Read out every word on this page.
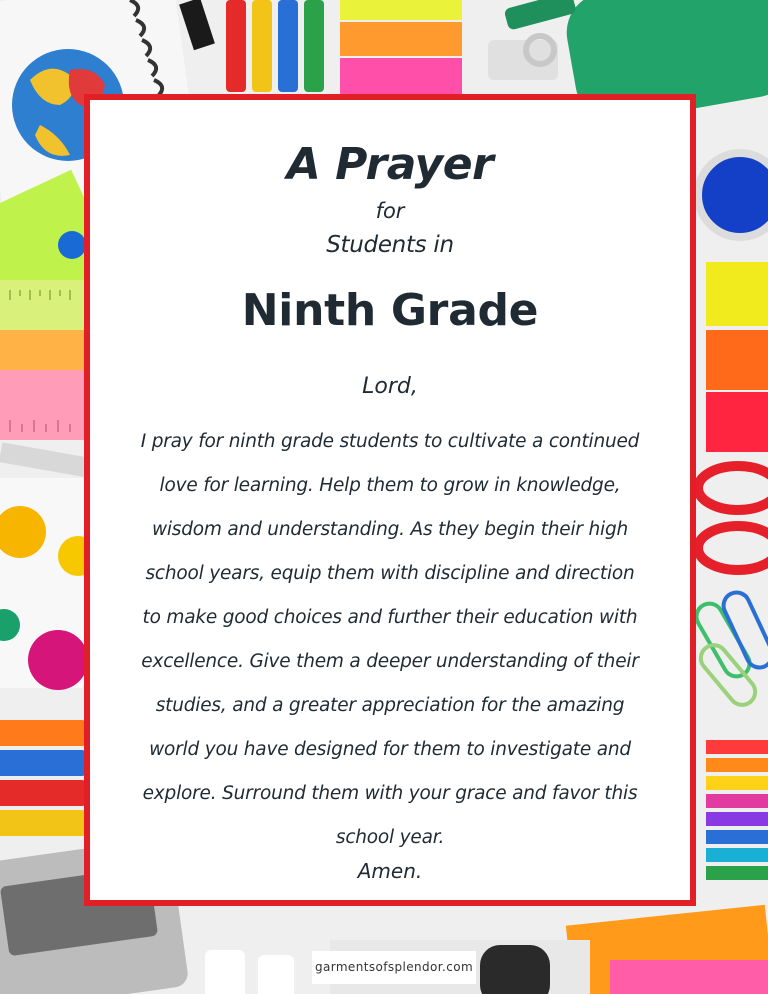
A Prayer
for
Students in
Ninth Grade
Lord,
I pray for ninth grade students to cultivate a continued
love for learning. Help them to grow in knowledge,
wisdom and understanding. As they begin their high
school years, equip them with discipline and direction
to make good choices and further their education with
excellence. Give them a deeper understanding of their
studies, and a greater appreciation for the amazing
world you have designed for them to investigate and
explore. Surround them with your grace and favor this
school year.
Amen.
garmentsofsplendor.com
